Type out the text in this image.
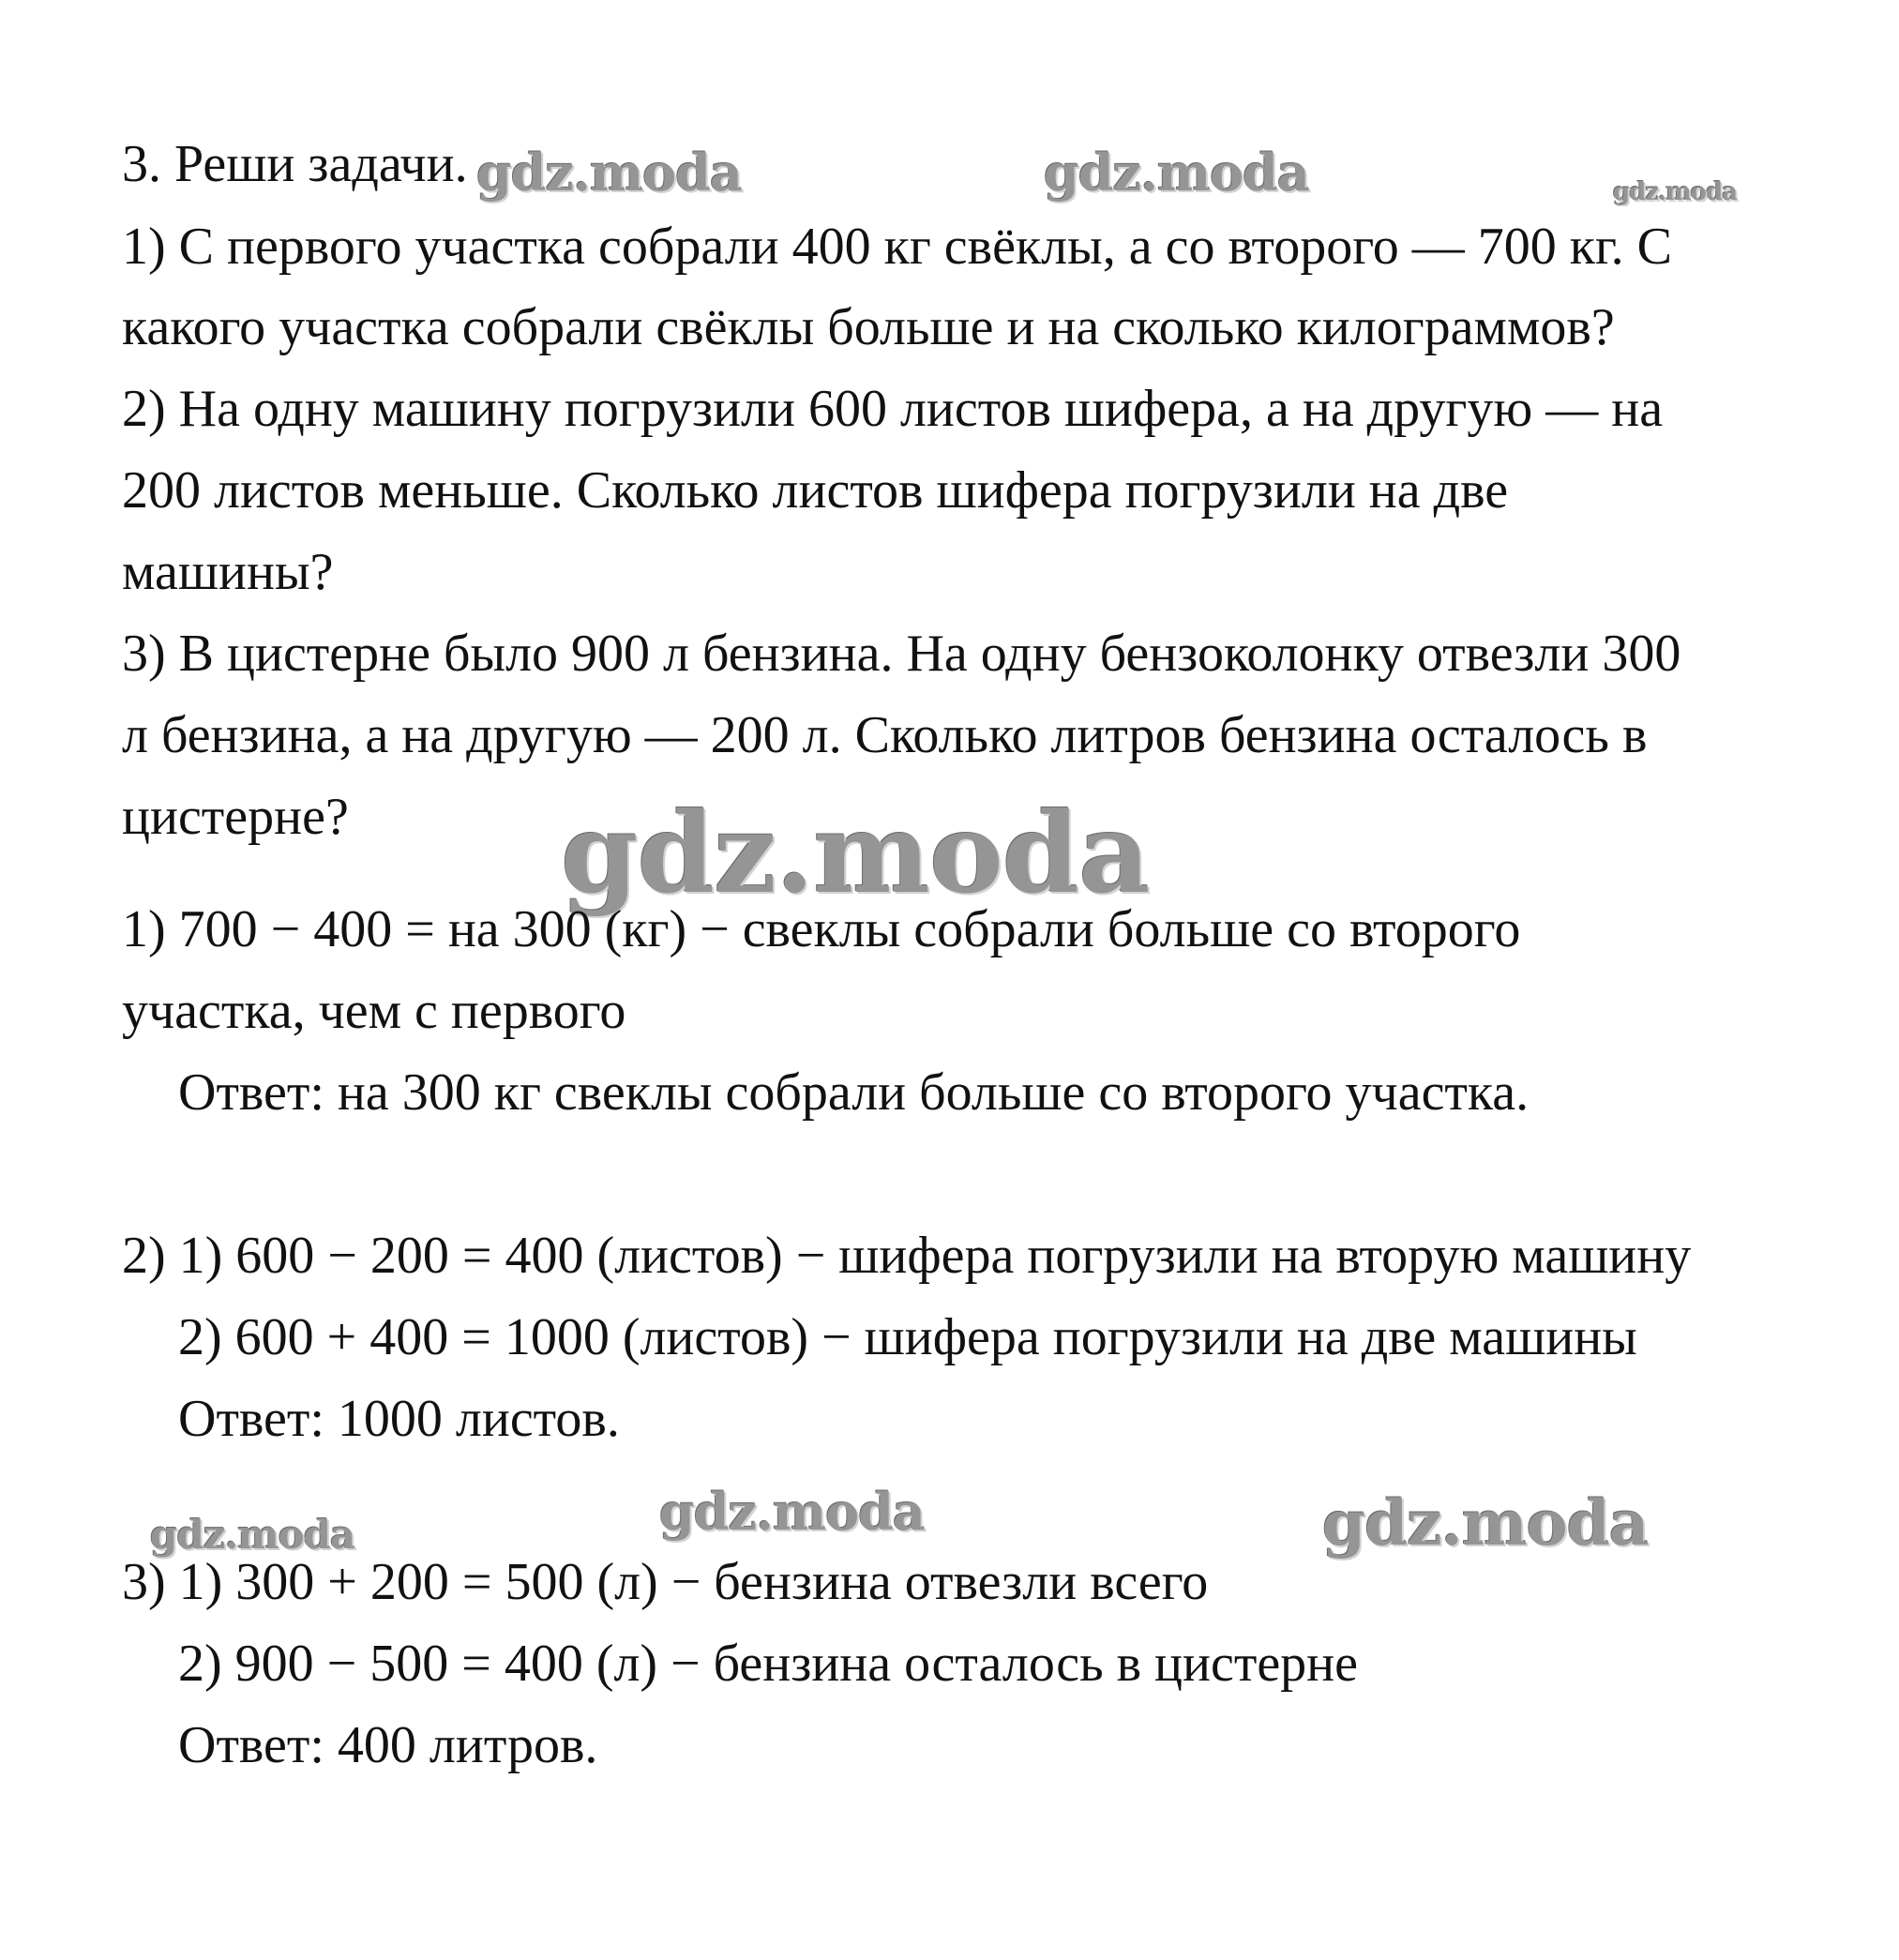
gdz.moda	gdz.moda	gdz.moda
gdz.moda
gdz.moda	gdz.moda	gdz.moda
3. Реши задачи.
1) С первого участка собрали 400 кг свёклы, а со второго — 700 кг. С
какого участка собрали свёклы больше и на сколько килограммов?
2) На одну машину погрузили 600 листов шифера, а на другую — на
200 листов меньше. Сколько листов шифера погрузили на две
машины?
3) В цистерне было 900 л бензина. На одну бензоколонку отвезли 300
л бензина, а на другую — 200 л. Сколько литров бензина осталось в
цистерне?
1) 700 − 400 = на 300 (кг) − свеклы собрали больше со второго
участка, чем с первого
Ответ: на 300 кг свеклы собрали больше со второго участка.
2) 1) 600 − 200 = 400 (листов) − шифера погрузили на вторую машину
2) 600 + 400 = 1000 (листов) − шифера погрузили на две машины
Ответ: 1000 листов.
3) 1) 300 + 200 = 500 (л) − бензина отвезли всего
2) 900 − 500 = 400 (л) − бензина осталось в цистерне
Ответ: 400 литров.
